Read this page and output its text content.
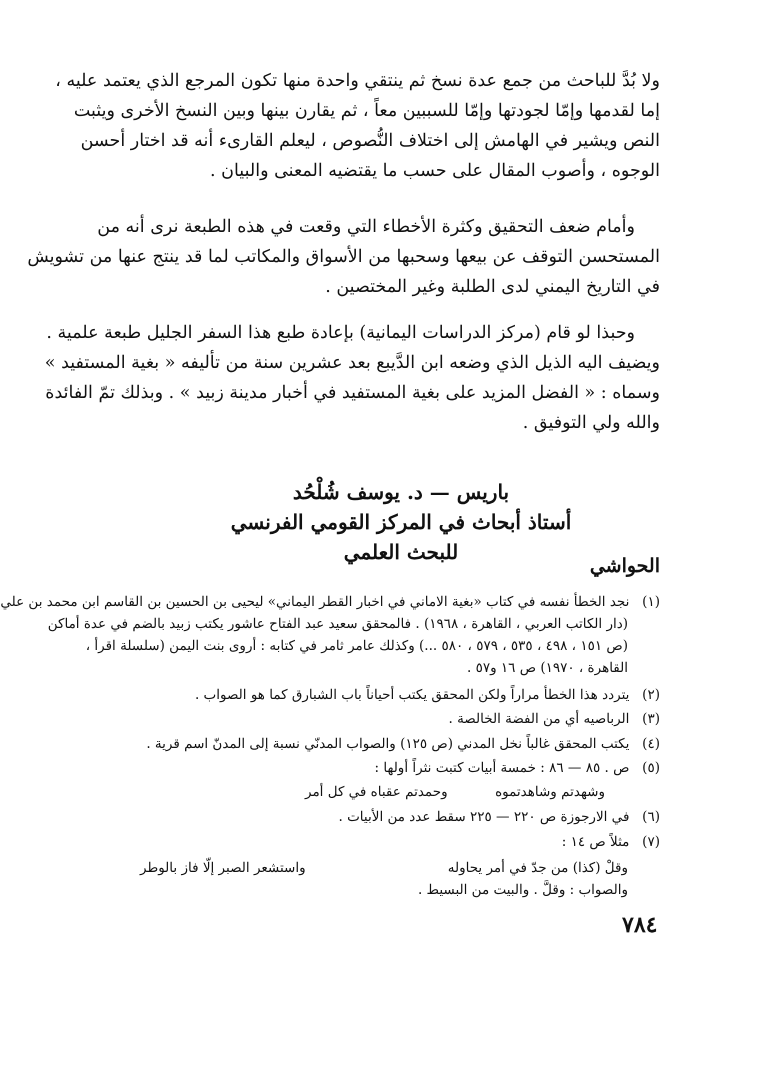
ولا بُدَّ للباحث من جمع عدة نسخ ثم ينتقي واحدة منها تكون المرجع الذي يعتمد عليه ،
إما لقدمها وإمّا لجودتها وإمّا للسببين معاً ، ثم يقارن بينها وبين النسخ الأخرى ويثبت
النص ويشير في الهامش إلى اختلاف النُّصوص ، ليعلم القارىء أنه قد اختار أحسن
الوجوه ، وأصوب المقال على حسب ما يقتضيه المعنى والبيان .
وأمام ضعف التحقيق وكثرة الأخطاء التي وقعت في هذه الطبعة نرى أنه من
المستحسن التوقف عن بيعها وسحبها من الأسواق والمكاتب لما قد ينتج عنها من تشويش
في التاريخ اليمني لدى الطلبة وغير المختصين .
وحبذا لو قام (مركز الدراسات اليمانية) بإعادة طبع هذا السفر الجليل طبعة علمية .
ويضيف اليه الذيل الذي وضعه ابن الدَّيبع بعد عشرين سنة من تأليفه « بغية المستفيد »
وسماه : « الفضل المزيد على بغية المستفيد في أخبار مدينة زبيد » . وبذلك تمّ الفائدة
والله ولي التوفيق .
باريس — د. يوسف شُلْحُد
أستاذ أبحاث في المركز القومي الفرنسي
للبحث العلمي
الحواشي
(١)  نجد الخطأ نفسه في كتاب «بغية الاماني في اخبار القطر اليماني» ليحيى بن الحسين بن القاسم ابن محمد بن علي
(دار الكاتب العربي ، القاهرة ، ١٩٦٨) . فالمحقق سعيد عبد الفتاح عاشور يكتب زبيد بالضم في عدة أماكن
(ص ١٥١ ، ٤٩٨ ، ٥٣٥ ، ٥٧٩ ، ٥٨٠ ...) وكذلك عامر ثامر في كتابه : أروى بنت اليمن (سلسلة اقرأ ،
القاهرة ، ١٩٧٠) ص ١٦ و٥٧ .
(٢)  يتردد هذا الخطأ مراراً ولكن المحقق يكتب أحياناً باب الشبارق كما هو الصواب .
(٣)  الرباصيه أي من الفضة الخالصة .
(٤)  يكتب المحقق غالباً نخل المدني (ص ١٢٥) والصواب المدنّي نسبة إلى المدنّ اسم قرية .
(٥)  ص . ٨٥ — ٨٦ : خمسة أبيات كتبت نثراً أولها :
وشهدتم وشاهدتموه
وحمدتم عقباه في كل أمر
(٦)  في الارجوزة ص ٢٢٠ — ٢٢٥ سقط عدد من الأبيات .
(٧)  مثلاً ص ١٤ :
وقلْ (كذا) من جدّ في أمر يحاوله
واستشعر الصبر إلّا فاز بالوطر
والصواب : وقلَّ . والبيت من البسيط .
٧٨٤
